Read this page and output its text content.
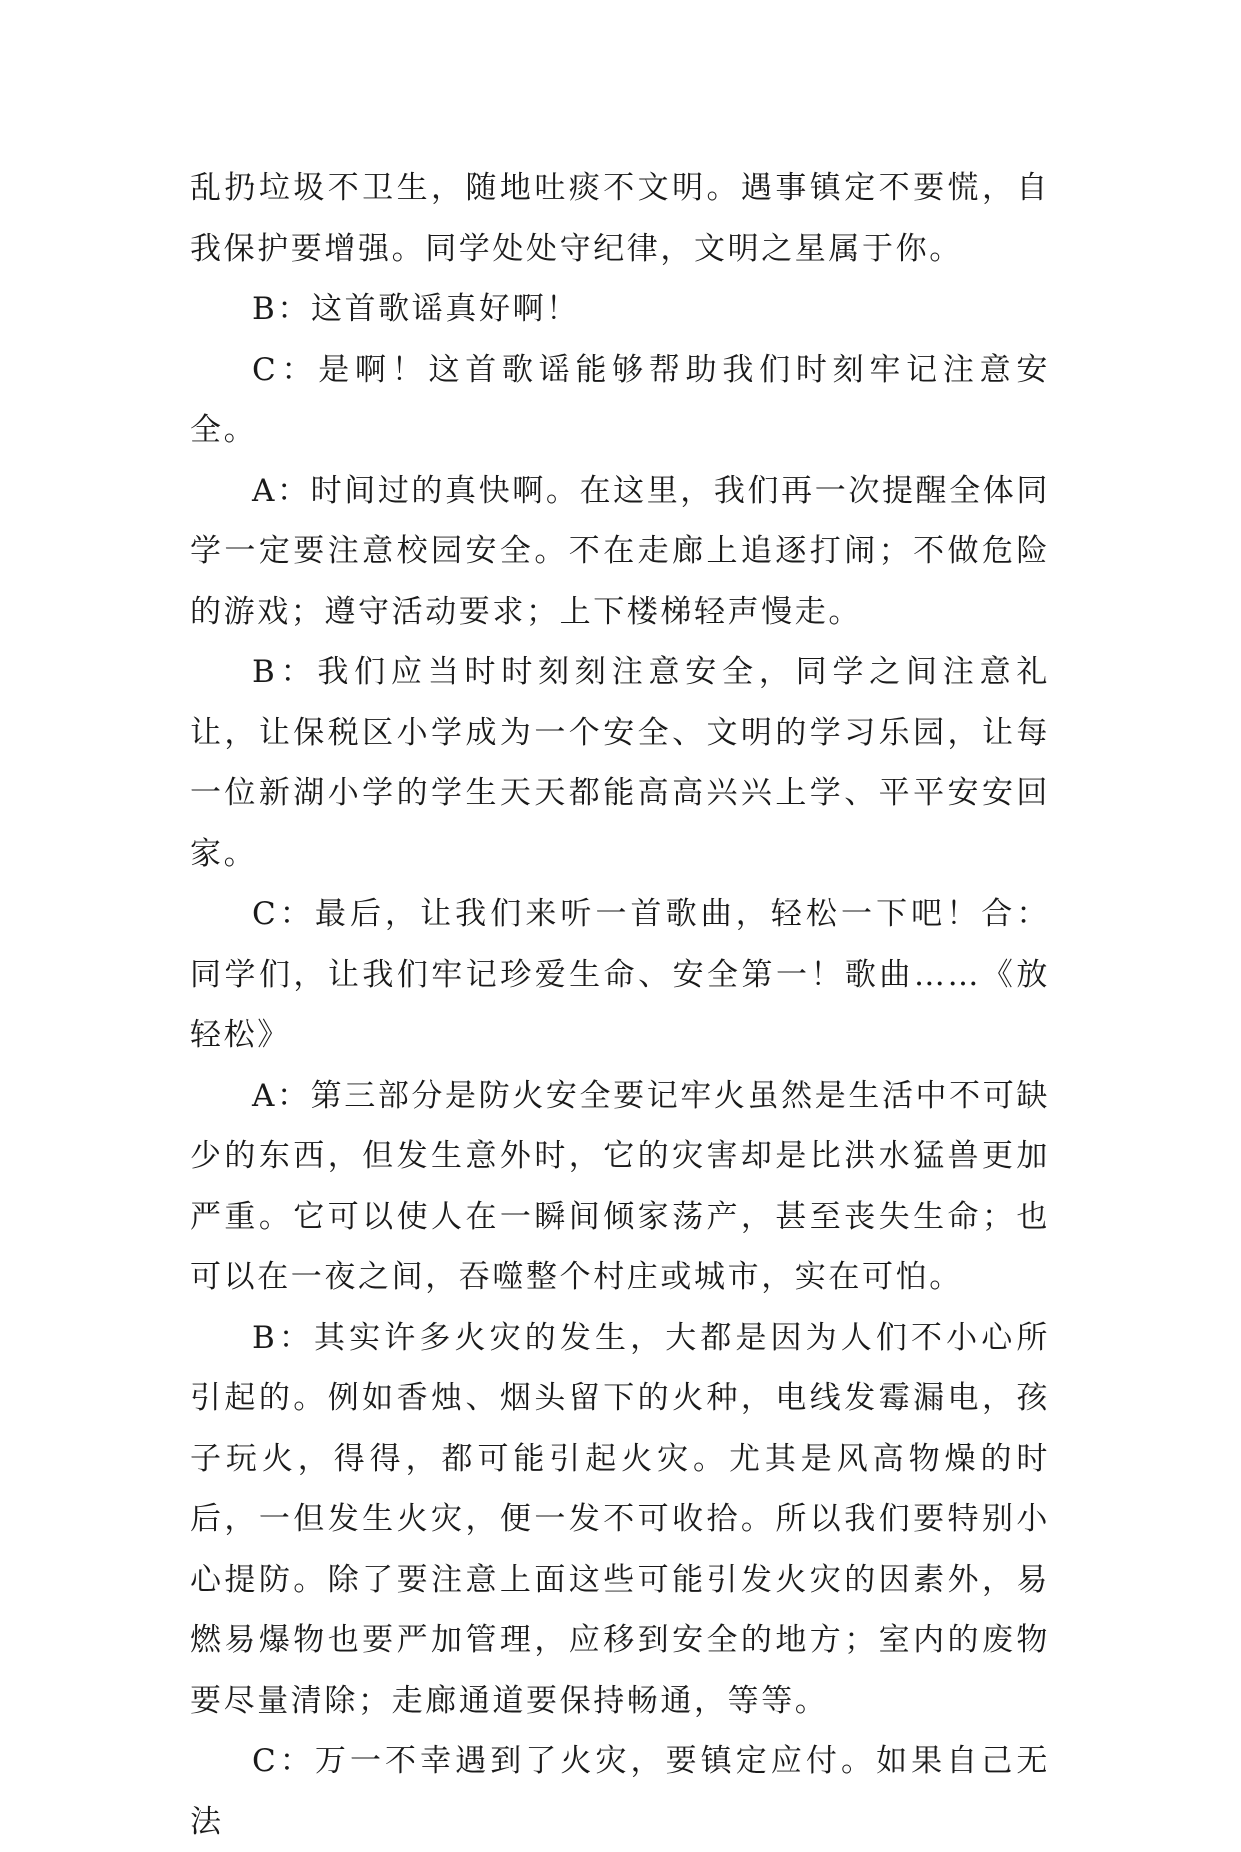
乱扔垃圾不卫生，随地吐痰不文明。遇事镇定不要慌，自我保护要增强。同学处处守纪律，文明之星属于你。

B：这首歌谣真好啊！

C：是啊！这首歌谣能够帮助我们时刻牢记注意安全。

A：时间过的真快啊。在这里，我们再一次提醒全体同学一定要注意校园安全。不在走廊上追逐打闹；不做危险的游戏；遵守活动要求；上下楼梯轻声慢走。

B：我们应当时时刻刻注意安全，同学之间注意礼让，让保税区小学成为一个安全、文明的学习乐园，让每一位新湖小学的学生天天都能高高兴兴上学、平平安安回家。

C：最后，让我们来听一首歌曲，轻松一下吧！合：同学们，让我们牢记珍爱生命、安全第一！歌曲……《放轻松》

A：第三部分是防火安全要记牢火虽然是生活中不可缺少的东西，但发生意外时，它的灾害却是比洪水猛兽更加严重。它可以使人在一瞬间倾家荡产，甚至丧失生命；也可以在一夜之间，吞噬整个村庄或城市，实在可怕。

B：其实许多火灾的发生，大都是因为人们不小心所引起的。例如香烛、烟头留下的火种，电线发霉漏电，孩子玩火，得得，都可能引起火灾。尤其是风高物燥的时后，一但发生火灾，便一发不可收拾。所以我们要特别小心提防。除了要注意上面这些可能引发火灾的因素外，易燃易爆物也要严加管理，应移到安全的地方；室内的废物要尽量清除；走廊通道要保持畅通，等等。

C：万一不幸遇到了火灾，要镇定应付。如果自己无法
